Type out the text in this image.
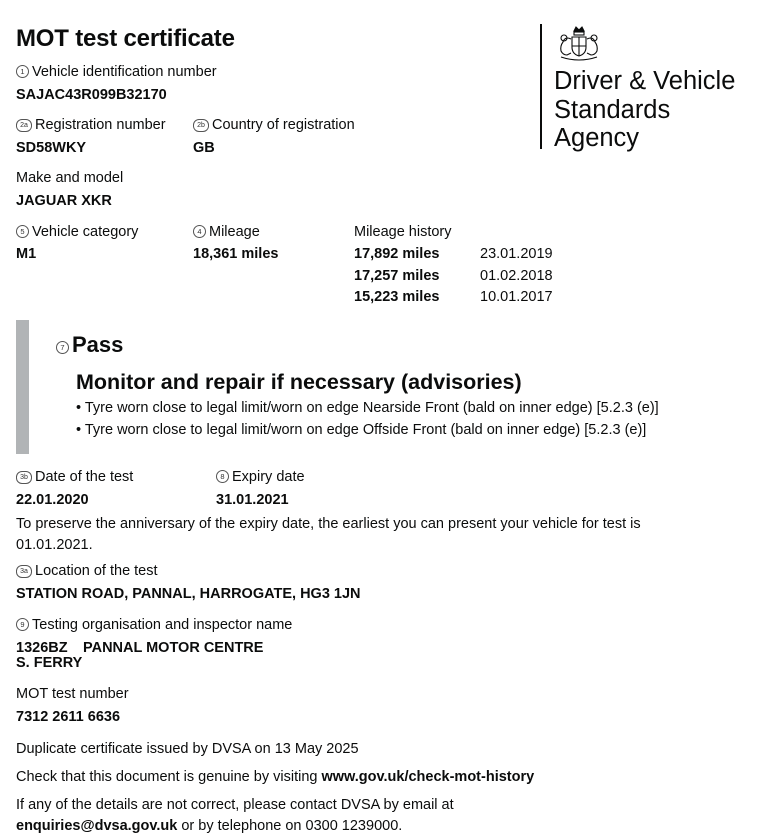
MOT test certificate
Driver & Vehicle
Standards
Agency
1 Vehicle identification number
SAJAC43R099B32170
2a Registration number
SD58WKY
2b Country of registration
GB
Make and model
JAGUAR XKR
5 Vehicle category
M1
4 Mileage
18,361 miles
Mileage history
17,892 miles	23.01.2019
17,257 miles	01.02.2018
15,223 miles	10.01.2017
7 Pass
Monitor and repair if necessary (advisories)
• Tyre worn close to legal limit/worn on edge Nearside Front (bald on inner edge) [5.2.3 (e)]
• Tyre worn close to legal limit/worn on edge Offside Front (bald on inner edge) [5.2.3 (e)]
3b Date of the test
22.01.2020
8 Expiry date
31.01.2021
To preserve the anniversary of the expiry date, the earliest you can present your vehicle for test is 01.01.2021.
3a Location of the test
STATION ROAD, PANNAL, HARROGATE, HG3 1JN
9 Testing organisation and inspector name
1326BZ PANNAL MOTOR CENTRE
S. FERRY
MOT test number
7312 2611 6636
Duplicate certificate issued by DVSA on 13 May 2025
Check that this document is genuine by visiting www.gov.uk/check-mot-history
If any of the details are not correct, please contact DVSA by email at
enquiries@dvsa.gov.uk or by telephone on 0300 1239000.
